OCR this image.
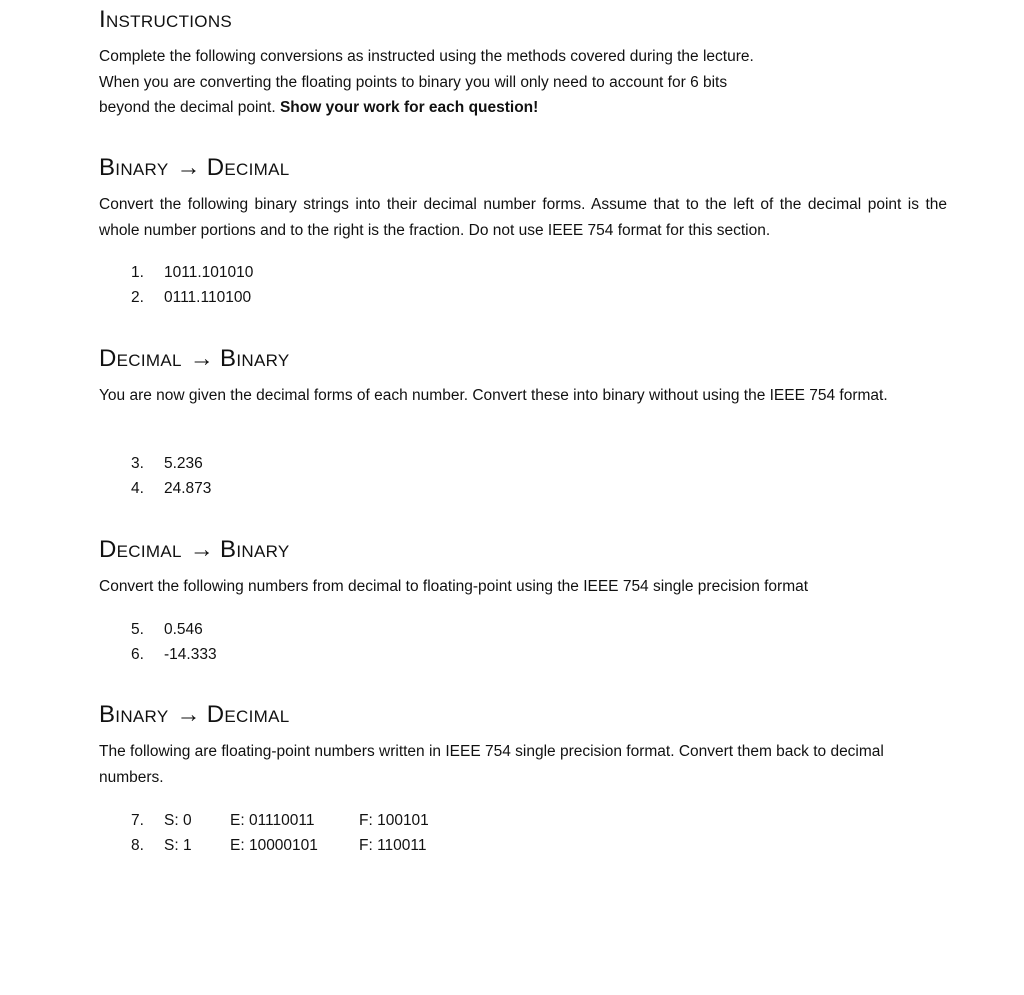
Instructions

Complete the following conversions as instructed using the methods covered during the lecture.
When you are converting the floating points to binary you will only need to account for 6 bits
beyond the decimal point. Show your work for each question!

Binary → Decimal

Convert the following binary strings into their decimal number forms. Assume that to the left of the decimal point is the whole number portions and to the right is the fraction. Do not use IEEE 754 format for this section.

1. 1011.101010
2. 0111.110100
Decimal → Binary

You are now given the decimal forms of each number. Convert these into binary without using the IEEE 754 format.

3. 5.236
4. 24.873
Decimal → Binary

Convert the following numbers from decimal to floating-point using the IEEE 754 single precision format

5. 0.546
6. -14.333
Binary → Decimal

The following are floating-point numbers written in IEEE 754 single precision format. Convert them back to decimal numbers.

7. S: 0 E: 01110011	F: 100101
8. S: 1 E: 10000101	F: 110011
